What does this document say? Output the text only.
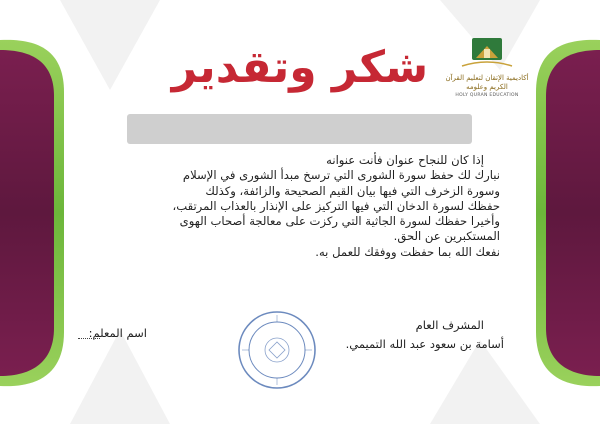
شكر وتقدير	أكاديمية الإتقان لتعليم القرآن الكريم وعلومه
HOLY QURAN EDUCATION
إذا كان للنجاح عنوان فأنت عنوانه
نبارك لك حفظ سورة الشورى التي ترسخ مبدأ الشورى في الإسلام
وسورة الزخرف التي فيها بيان القيم الصحيحة والزائفة، وكذلك
حفظك لسورة الدخان التي فيها التركيز على الإنذار بالعذاب المرتقب،
وأخيرا حفظك لسورة الجاثية التي ركزت على معالجة أصحاب الهوى
المستكبرين عن الحق.
نفعك الله بما حفظت ووفقك للعمل به.
المشرف العام
أسامة بن سعود عبد الله التميمي.
اسم المعلم:
